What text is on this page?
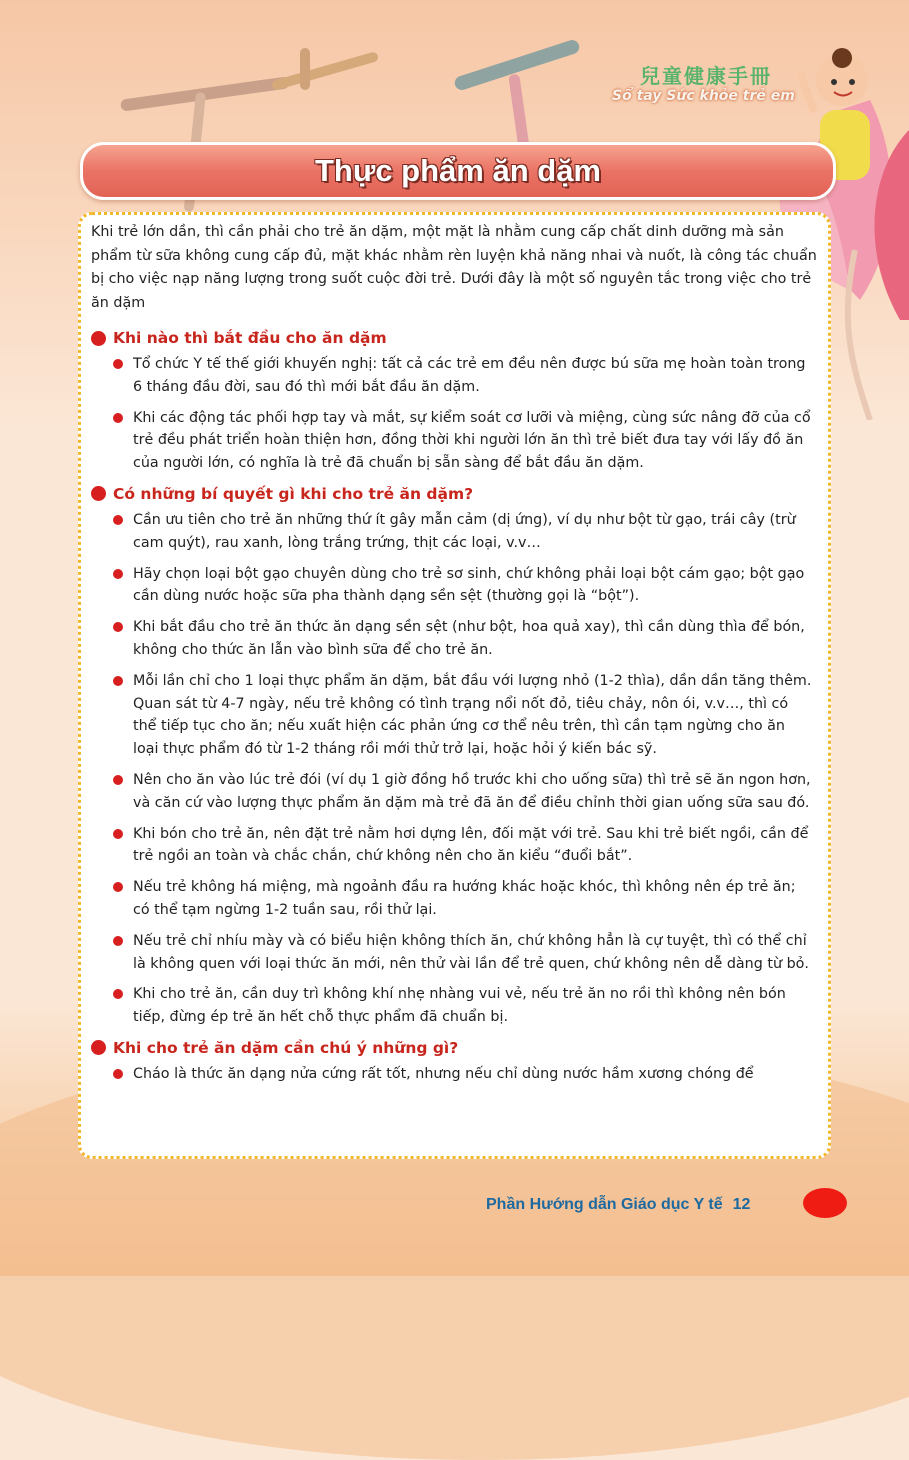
兒童健康手冊
Sổ tay Sức khỏe trẻ em
Thực phẩm ăn dặm

Khi trẻ lớn dần, thì cần phải cho trẻ ăn dặm, một mặt là nhằm cung cấp chất dinh dưỡng mà sản phẩm từ sữa không cung cấp đủ, mặt khác nhằm rèn luyện khả năng nhai và nuốt, là công tác chuẩn bị cho việc nạp năng lượng trong suốt cuộc đời trẻ. Dưới đây là một số nguyên tắc trong việc cho trẻ ăn dặm

Khi nào thì bắt đầu cho ăn dặm
Tổ chức Y tế thế giới khuyến nghị: tất cả các trẻ em đều nên được bú sữa mẹ hoàn toàn trong 6 tháng đầu đời, sau đó thì mới bắt đầu ăn dặm.
Khi các động tác phối hợp tay và mắt, sự kiểm soát cơ lưỡi và miệng, cùng sức nâng đỡ của cổ trẻ đều phát triển hoàn thiện hơn, đồng thời khi người lớn ăn thì trẻ biết đưa tay với lấy đồ ăn của người lớn, có nghĩa là trẻ đã chuẩn bị sẵn sàng để bắt đầu ăn dặm.
Có những bí quyết gì khi cho trẻ ăn dặm?
Cần ưu tiên cho trẻ ăn những thứ ít gây mẫn cảm (dị ứng), ví dụ như bột từ gạo, trái cây (trừ cam quýt), rau xanh, lòng trắng trứng, thịt các loại, v.v…
Hãy chọn loại bột gạo chuyên dùng cho trẻ sơ sinh, chứ không phải loại bột cám gạo; bột gạo cần dùng nước hoặc sữa pha thành dạng sền sệt (thường gọi là “bột”).
Khi bắt đầu cho trẻ ăn thức ăn dạng sền sệt (như bột, hoa quả xay), thì cần dùng thìa để bón, không cho thức ăn lẫn vào bình sữa để cho trẻ ăn.
Mỗi lần chỉ cho 1 loại thực phẩm ăn dặm, bắt đầu với lượng nhỏ (1-2 thìa), dần dần tăng thêm. Quan sát từ 4-7 ngày, nếu trẻ không có tình trạng nổi nốt đỏ, tiêu chảy, nôn ói, v.v…, thì có thể tiếp tục cho ăn; nếu xuất hiện các phản ứng cơ thể nêu trên, thì cần tạm ngừng cho ăn loại thực phẩm đó từ 1-2 tháng rồi mới thử trở lại, hoặc hỏi ý kiến bác sỹ.
Nên cho ăn vào lúc trẻ đói (ví dụ 1 giờ đồng hồ trước khi cho uống sữa) thì trẻ sẽ ăn ngon hơn, và căn cứ vào lượng thực phẩm ăn dặm mà trẻ đã ăn để điều chỉnh thời gian uống sữa sau đó.
Khi bón cho trẻ ăn, nên đặt trẻ nằm hơi dựng lên, đối mặt với trẻ. Sau khi trẻ biết ngồi, cần để trẻ ngồi an toàn và chắc chắn, chứ không nên cho ăn kiểu “đuổi bắt”.
Nếu trẻ không há miệng, mà ngoảnh đầu ra hướng khác hoặc khóc, thì không nên ép trẻ ăn; có thể tạm ngừng 1-2 tuần sau, rồi thử lại.
Nếu trẻ chỉ nhíu mày và có biểu hiện không thích ăn, chứ không hẳn là cự tuyệt, thì có thể chỉ là không quen với loại thức ăn mới, nên thử vài lần để trẻ quen, chứ không nên dễ dàng từ bỏ.
Khi cho trẻ ăn, cần duy trì không khí nhẹ nhàng vui vẻ, nếu trẻ ăn no rồi thì không nên bón tiếp, đừng ép trẻ ăn hết chỗ thực phẩm đã chuẩn bị.
Khi cho trẻ ăn dặm cần chú ý những gì?
Cháo là thức ăn dạng nửa cứng rất tốt, nhưng nếu chỉ dùng nước hầm xương chóng để
Phần Hướng dẫn Giáo dục Y tế 12
